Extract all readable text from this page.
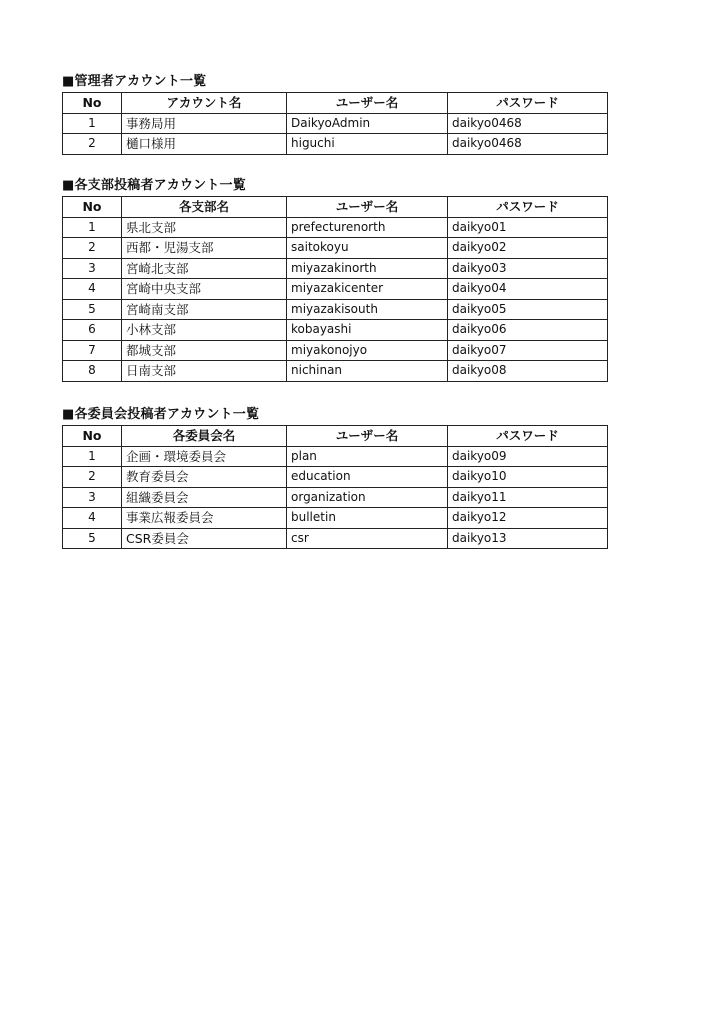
■管理者アカウント一覧
No	アカウント名	ユーザー名	パスワード
1	事務局用	DaikyoAdmin	daikyo0468
2	樋口様用	higuchi	daikyo0468
■各支部投稿者アカウント一覧
No	各支部名	ユーザー名	パスワード
1	県北支部	prefecturenorth	daikyo01
2	西都・児湯支部	saitokoyu	daikyo02
3	宮崎北支部	miyazakinorth	daikyo03
4	宮崎中央支部	miyazakicenter	daikyo04
5	宮崎南支部	miyazakisouth	daikyo05
6	小林支部	kobayashi	daikyo06
7	都城支部	miyakonojyo	daikyo07
8	日南支部	nichinan	daikyo08
■各委員会投稿者アカウント一覧
No	各委員会名	ユーザー名	パスワード
1	企画・環境委員会	plan	daikyo09
2	教育委員会	education	daikyo10
3	組織委員会	organization	daikyo11
4	事業広報委員会	bulletin	daikyo12
5	CSR委員会	csr	daikyo13
